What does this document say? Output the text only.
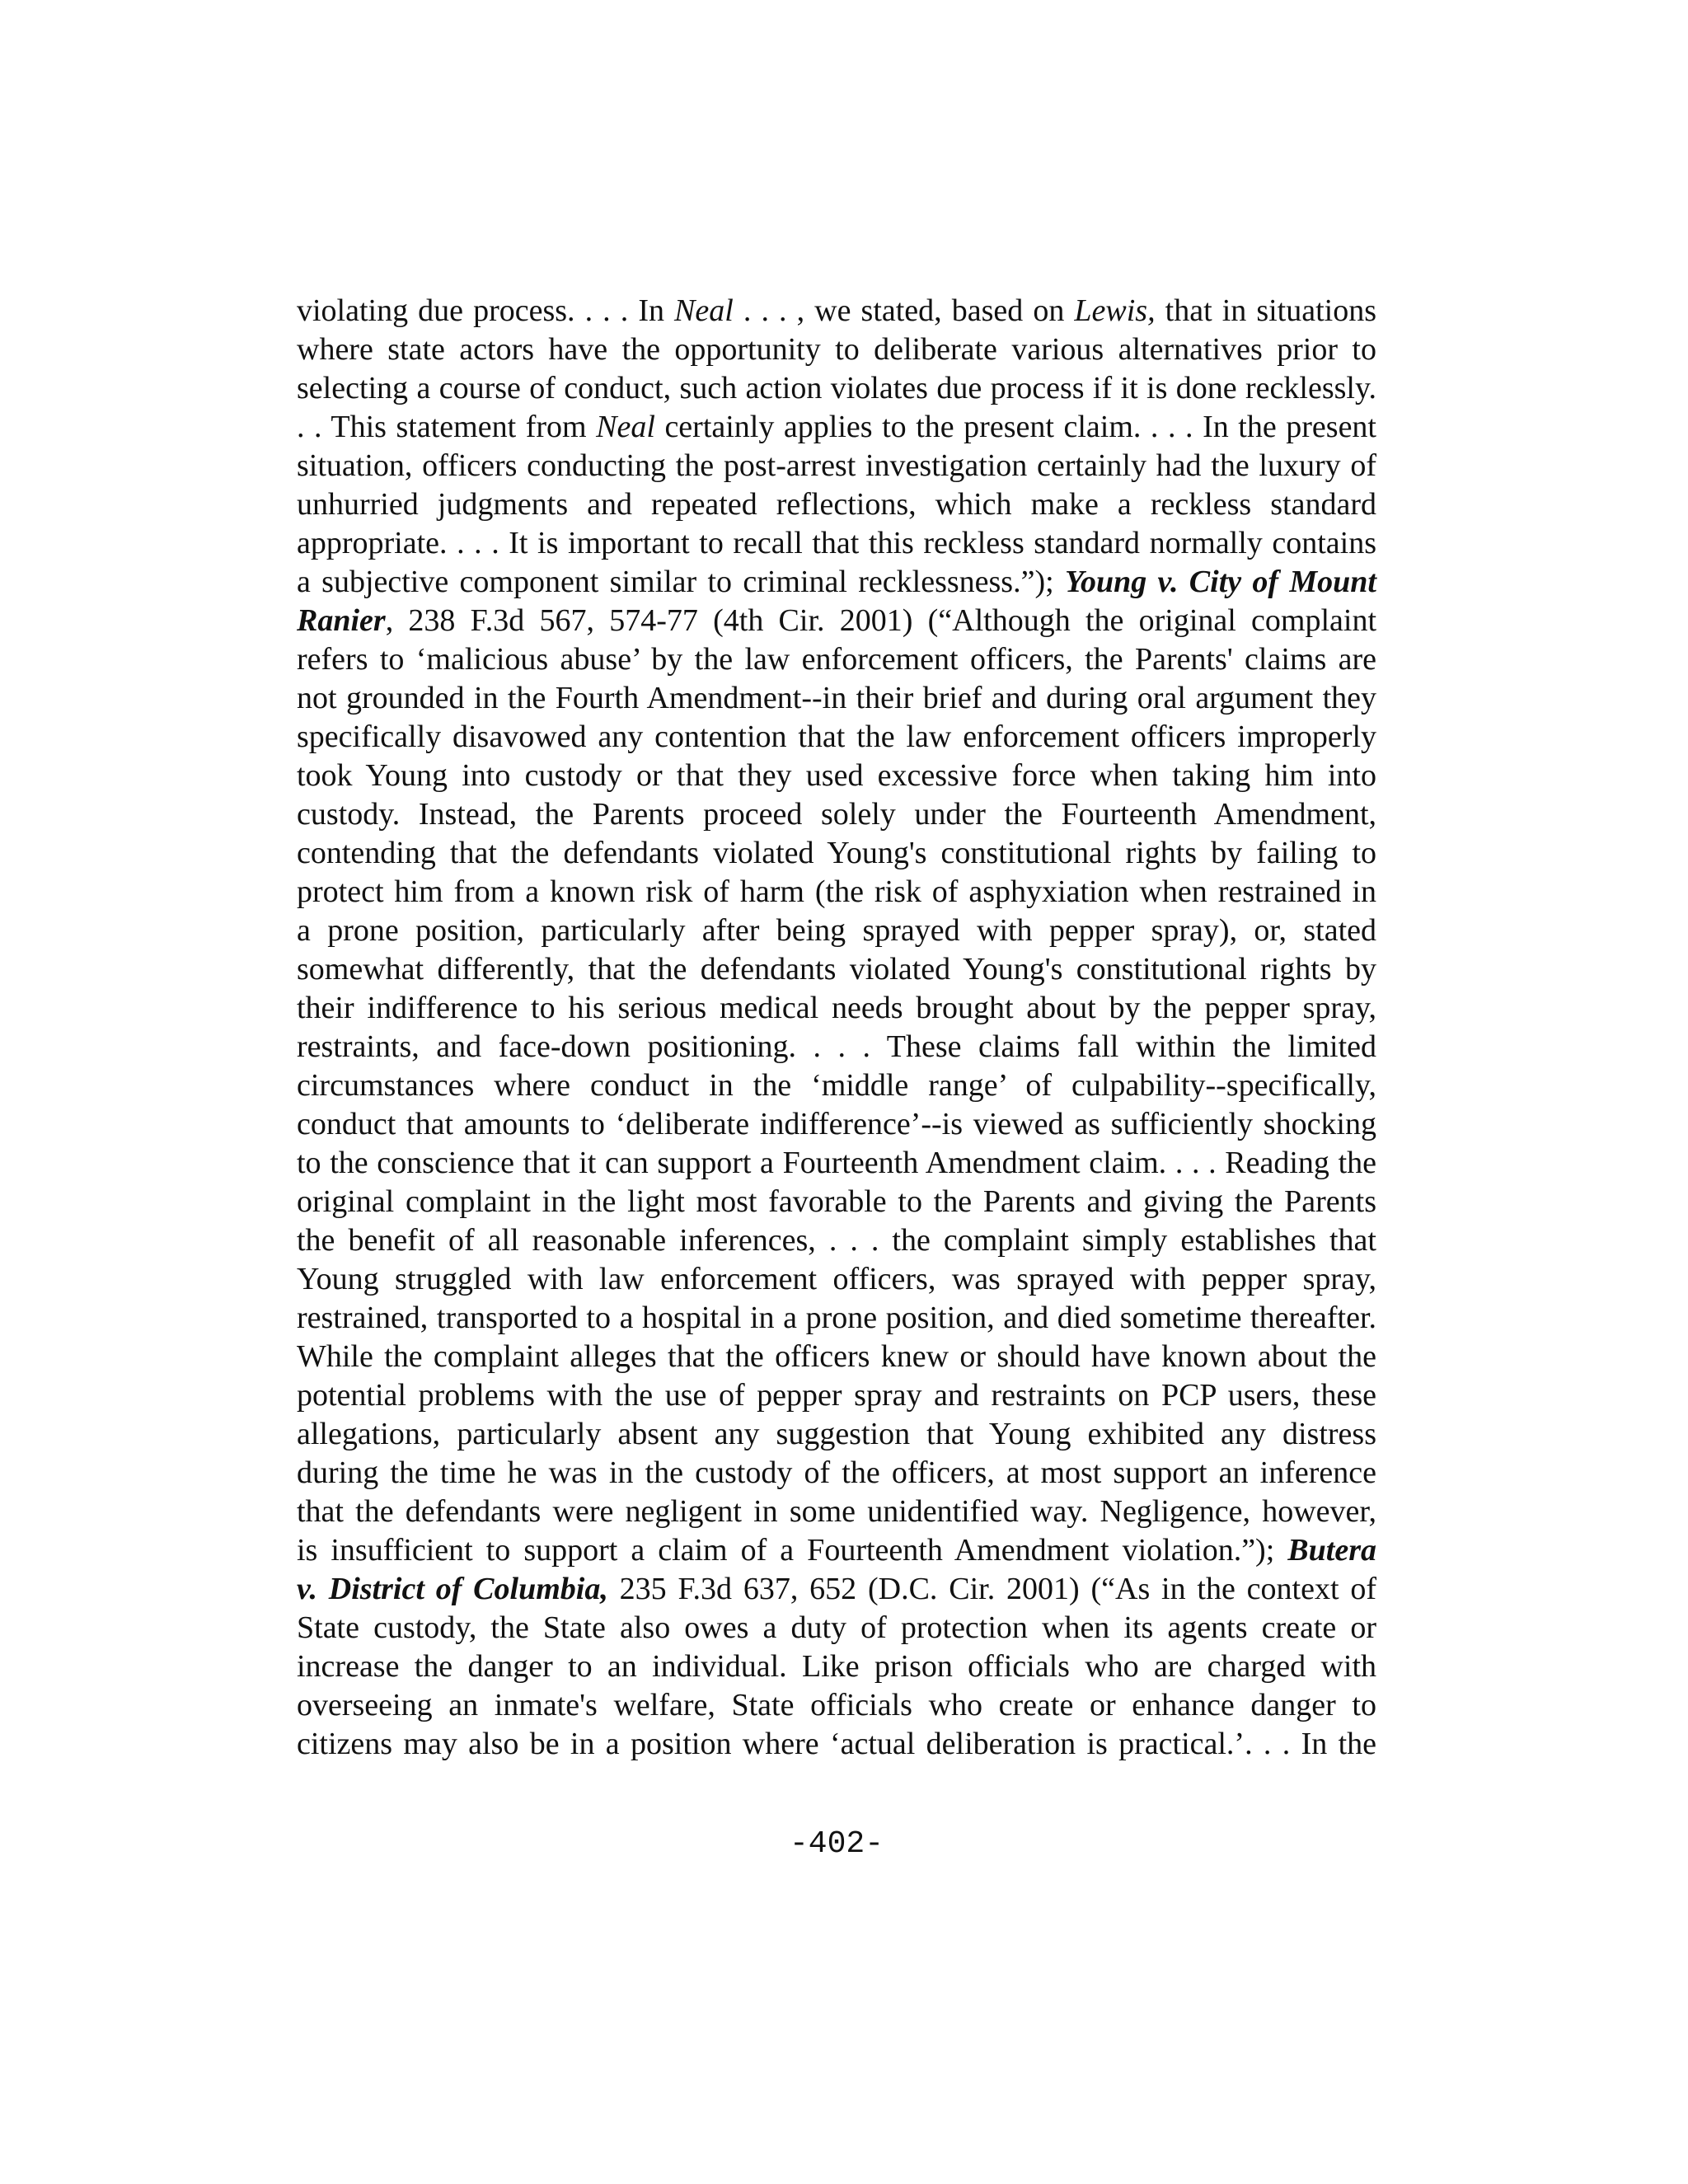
violating due process. . . . In Neal . . . , we stated, based on Lewis, that in situations
where state actors have the opportunity to deliberate various alternatives prior to
selecting a course of conduct, such action violates due process if it is done recklessly.
. . This statement from Neal certainly applies to the present claim. . . . In the present
situation, officers conducting the post-arrest investigation certainly had the luxury of
unhurried judgments and repeated reflections, which make a reckless standard
appropriate. . . . It is important to recall that this reckless standard normally contains
a subjective component similar to criminal recklessness.”); Young v. City of Mount
Ranier, 238 F.3d 567, 574-77 (4th Cir. 2001) (“Although the original complaint
refers to ‘malicious abuse’ by the law enforcement officers, the Parents' claims are
not grounded in the Fourth Amendment--in their brief and during oral argument they
specifically disavowed any contention that the law enforcement officers improperly
took Young into custody or that they used excessive force when taking him into
custody. Instead, the Parents proceed solely under the Fourteenth Amendment,
contending that the defendants violated Young's constitutional rights by failing to
protect him from a known risk of harm (the risk of asphyxiation when restrained in
a prone position, particularly after being sprayed with pepper spray), or, stated
somewhat differently, that the defendants violated Young's constitutional rights by
their indifference to his serious medical needs brought about by the pepper spray,
restraints, and face-down positioning. . . . These claims fall within the limited
circumstances where conduct in the ‘middle range’ of culpability--specifically,
conduct that amounts to ‘deliberate indifference’--is viewed as sufficiently shocking
to the conscience that it can support a Fourteenth Amendment claim. . . . Reading the
original complaint in the light most favorable to the Parents and giving the Parents
the benefit of all reasonable inferences, . . . the complaint simply establishes that
Young struggled with law enforcement officers, was sprayed with pepper spray,
restrained, transported to a hospital in a prone position, and died sometime thereafter.
While the complaint alleges that the officers knew or should have known about the
potential problems with the use of pepper spray and restraints on PCP users, these
allegations, particularly absent any suggestion that Young exhibited any distress
during the time he was in the custody of the officers, at most support an inference
that the defendants were negligent in some unidentified way. Negligence, however,
is insufficient to support a claim of a Fourteenth Amendment violation.”); Butera
v. District of Columbia, 235 F.3d 637, 652 (D.C. Cir. 2001) (“As in the context of
State custody, the State also owes a duty of protection when its agents create or
increase the danger to an individual. Like prison officials who are charged with
overseeing an inmate's welfare, State officials who create or enhance danger to
citizens may also be in a position where ‘actual deliberation is practical.’. . . In the
-402-
